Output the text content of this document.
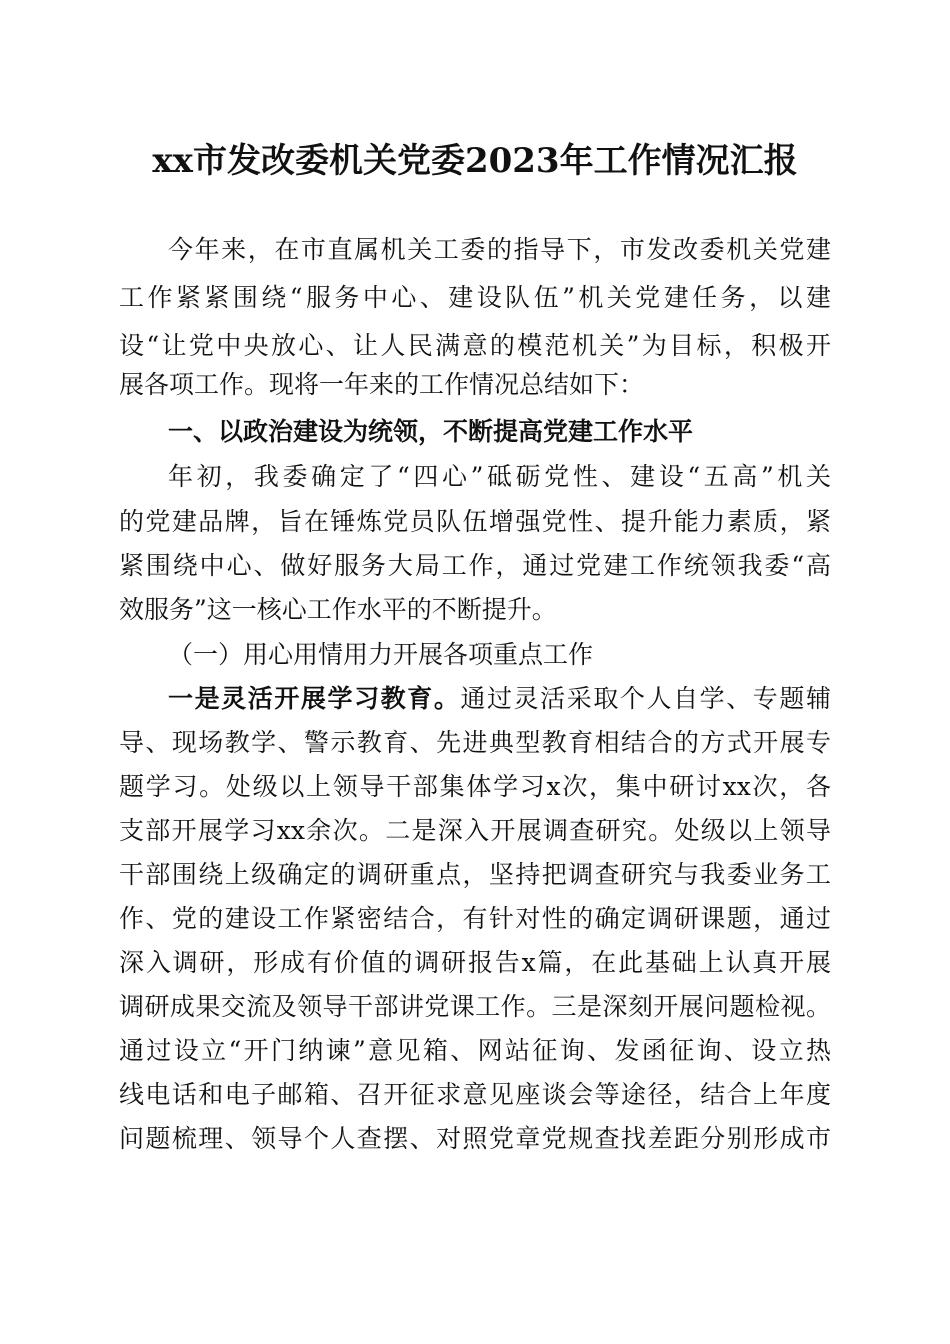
xx市发改委机关党委2023年工作情况汇报
今年来，在市直属机关工委的指导下，市发改委机关党建
工作紧紧围绕“服务中心、建设队伍”机关党建任务，以建
设“让党中央放心、让人民满意的模范机关”为目标，积极开
展各项工作。现将一年来的工作情况总结如下：
一、以政治建设为统领，不断提高党建工作水平
年初，我委确定了“四心”砥砺党性、建设“五高”机关
的党建品牌，旨在锤炼党员队伍增强党性、提升能力素质，紧
紧围绕中心、做好服务大局工作，通过党建工作统领我委“高
效服务”这一核心工作水平的不断提升。
（一）用心用情用力开展各项重点工作
一是灵活开展学习教育。通过灵活采取个人自学、专题辅
导、现场教学、警示教育、先进典型教育相结合的方式开展专
题学习。处级以上领导干部集体学习x次，集中研讨xx次，各
支部开展学习xx余次。二是深入开展调查研究。处级以上领导
干部围绕上级确定的调研重点，坚持把调查研究与我委业务工
作、党的建设工作紧密结合，有针对性的确定调研课题，通过
深入调研，形成有价值的调研报告x篇，在此基础上认真开展
调研成果交流及领导干部讲党课工作。三是深刻开展问题检视。
通过设立“开门纳谏”意见箱、网站征询、发函征询、设立热
线电话和电子邮箱、召开征求意见座谈会等途径，结合上年度
问题梳理、领导个人查摆、对照党章党规查找差距分别形成市
